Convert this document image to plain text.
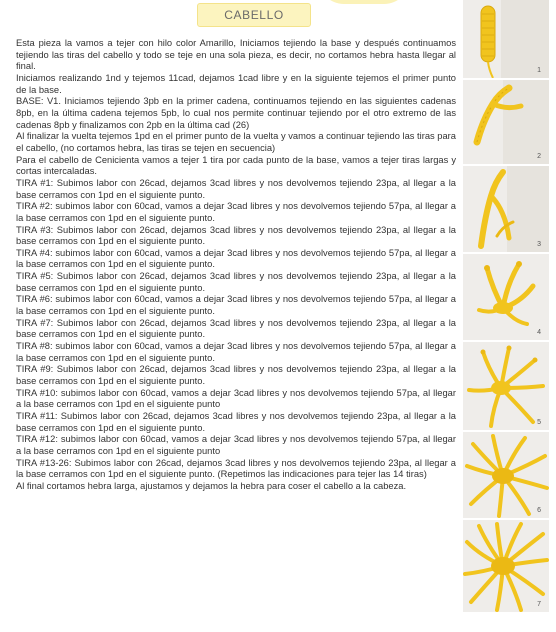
CABELLO

Esta pieza la vamos a tejer con hilo color Amarillo, Iniciamos tejiendo la base y después continuamos tejiendo las tiras del cabello y todo se teje en una sola pieza, es decir, no cortamos hebra hasta llegar al final.

Iniciamos realizando 1nd y tejemos 11cad, dejamos 1cad libre y en la siguiente tejemos el primer punto de la base.

BASE: V1. Iniciamos tejiendo 3pb en la primer cadena, continuamos tejiendo en las siguientes cadenas 8pb, en la última cadena tejemos 5pb, lo cual nos permite continuar tejiendo por el otro extremo de las cadenas 8pb y finalizamos con 2pb en la última cad (26)

Al finalizar la vuelta tejemos 1pd en el primer punto de la vuelta y vamos a continuar tejiendo las tiras para el cabello, (no cortamos hebra, las tiras se tejen en secuencia)

Para el cabello de Cenicienta vamos a tejer 1 tira por cada punto de la base, vamos a tejer tiras largas y cortas intercaladas.

TIRA #1: Subimos labor con 26cad, dejamos 3cad libres y nos devolvemos tejiendo 23pa, al llegar a la base cerramos con 1pd en el siguiente punto.

TIRA #2: subimos labor con 60cad, vamos a dejar 3cad libres y nos devolvemos tejiendo 57pa, al llegar a la base cerramos con 1pd en el siguiente punto.

TIRA #3: Subimos labor con 26cad, dejamos 3cad libres y nos devolvemos tejiendo 23pa, al llegar a la base cerramos con 1pd en el siguiente punto.

TIRA #4: subimos labor con 60cad, vamos a dejar 3cad libres y nos devolvemos tejiendo 57pa, al llegar a la base cerramos con 1pd en el siguiente punto.

TIRA #5: Subimos labor con 26cad, dejamos 3cad libres y nos devolvemos tejiendo 23pa, al llegar a la base cerramos con 1pd en el siguiente punto.

TIRA #6: subimos labor con 60cad, vamos a dejar 3cad libres y nos devolvemos tejiendo 57pa, al llegar a la base cerramos con 1pd en el siguiente punto.

TIRA #7: Subimos labor con 26cad, dejamos 3cad libres y nos devolvemos tejiendo 23pa, al llegar a la base cerramos con 1pd en el siguiente punto.

TIRA #8: subimos labor con 60cad, vamos a dejar 3cad libres y nos devolvemos tejiendo 57pa, al llegar a la base cerramos con 1pd en el siguiente punto.

TIRA #9: Subimos labor con 26cad, dejamos 3cad libres y nos devolvemos tejiendo 23pa, al llegar a la base cerramos con 1pd en el siguiente punto.

TIRA #10: subimos labor con 60cad, vamos a dejar 3cad libres y nos devolvemos tejiendo 57pa, al llegar a la base cerramos con 1pd en el siguiente punto

TIRA #11: Subimos labor con 26cad, dejamos 3cad libres y nos devolvemos tejiendo 23pa, al llegar a la base cerramos con 1pd en el siguiente punto.

TIRA #12: subimos labor con 60cad, vamos a dejar 3cad libres y nos devolvemos tejiendo 57pa, al llegar a la base cerramos con 1pd en el siguiente punto

TIRA #13-26: Subimos labor con 26cad, dejamos 3cad libres y nos devolvemos tejiendo 23pa, al llegar a la base cerramos con 1pd en el siguiente punto. (Repetimos las indicaciones para tejer las 14 tiras)

Al final cortamos hebra larga, ajustamos y dejamos la hebra para coser el cabello a la cabeza.

1
2
3
4
5
6
7
